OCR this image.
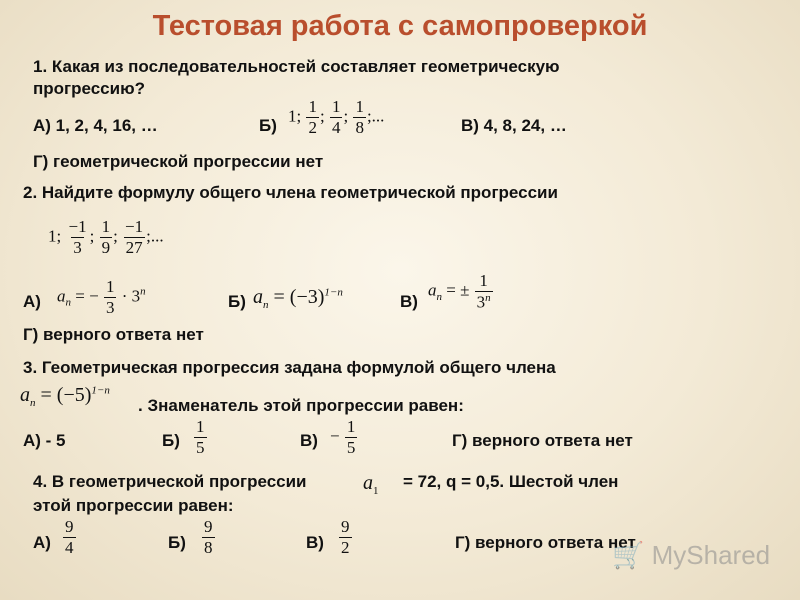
Тестовая работа с самопроверкой
1. Какая из последовательностей составляет геометрическую
прогрессию?
А) 1, 2, 4, 16, …	Б)
1; $\frac{1}{2}$ ; $\frac{1}{4}$ ; $\frac{1}{8}$ ;...
В) 4, 8, 24, …
Г) геометрической прогрессии нет
2. Найдите формулу общего члена геометрической прогрессии
1; $\frac{-1}{3}$ ; $\frac{1}{9}$ ; $\frac{-1}{27}$ ;...
А) $a_n$ = − $\frac{1}{3} \cdot 3^n$
Б) $a_n = (-3)^{1-n}$	В)
$a_n$ = ± $\frac{1}{3^n}$
Г) верного ответа нет
3. Геометрическая прогрессия задана формулой общего члена
$a_n = (-5)^{1-n}$
. Знаменатель этой прогрессии равен:
А) - 5	$Б) \frac{1}{5}$	$В) - \frac{1}{5}$	Г) верного ответа нет
4. В геометрической прогрессии	$a_1 = 72$, q = 0,5. Шестой член
этой прогрессии равен:
$А) \frac{9}{4}$	$Б) \frac{9}{8}$	$В) \frac{9}{2}$	Г) верного ответа нет
🛒 MyShared
